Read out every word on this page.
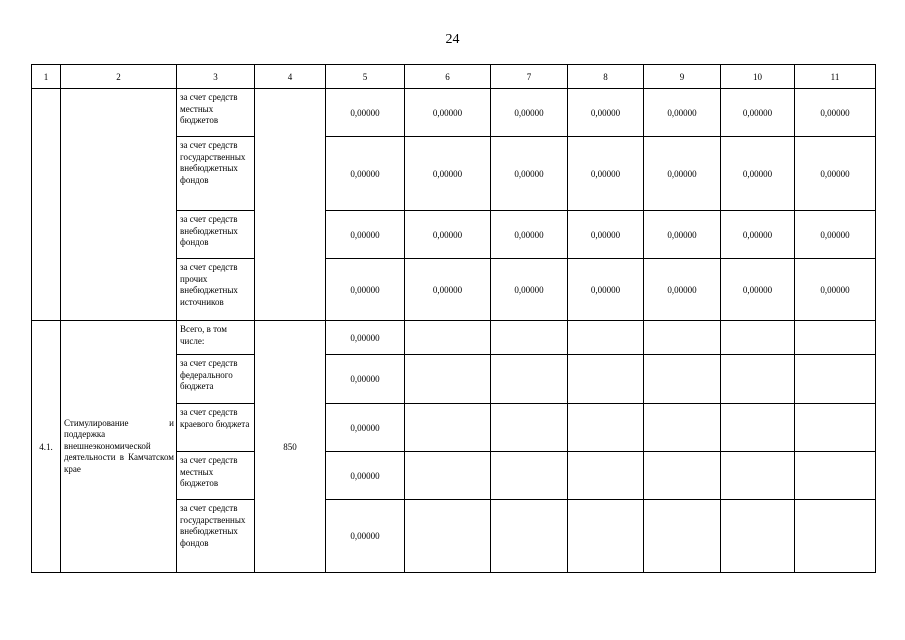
24
1	2	3	4	5	6	7	8	9	10	11
		за счет средств местных бюджетов		0,00000	0,00000	0,00000	0,00000	0,00000	0,00000	0,00000
		за счет средств государственных внебюджетных фондов		0,00000	0,00000	0,00000	0,00000	0,00000	0,00000	0,00000
		за счет средств внебюджетных фондов		0,00000	0,00000	0,00000	0,00000	0,00000	0,00000	0,00000
		за счет средств прочих внебюджетных источников		0,00000	0,00000	0,00000	0,00000	0,00000	0,00000	0,00000
4.1.	Стимулирование и поддержка внешнеэкономической деятельности в Камчатском крае	Всего, в том числе:	850	0,00000						
		за счет средств федерального бюджета		0,00000						
		за счет средств краевого бюджета		0,00000						
		за счет средств местных бюджетов		0,00000						
		за счет средств государственных внебюджетных фондов		0,00000						
